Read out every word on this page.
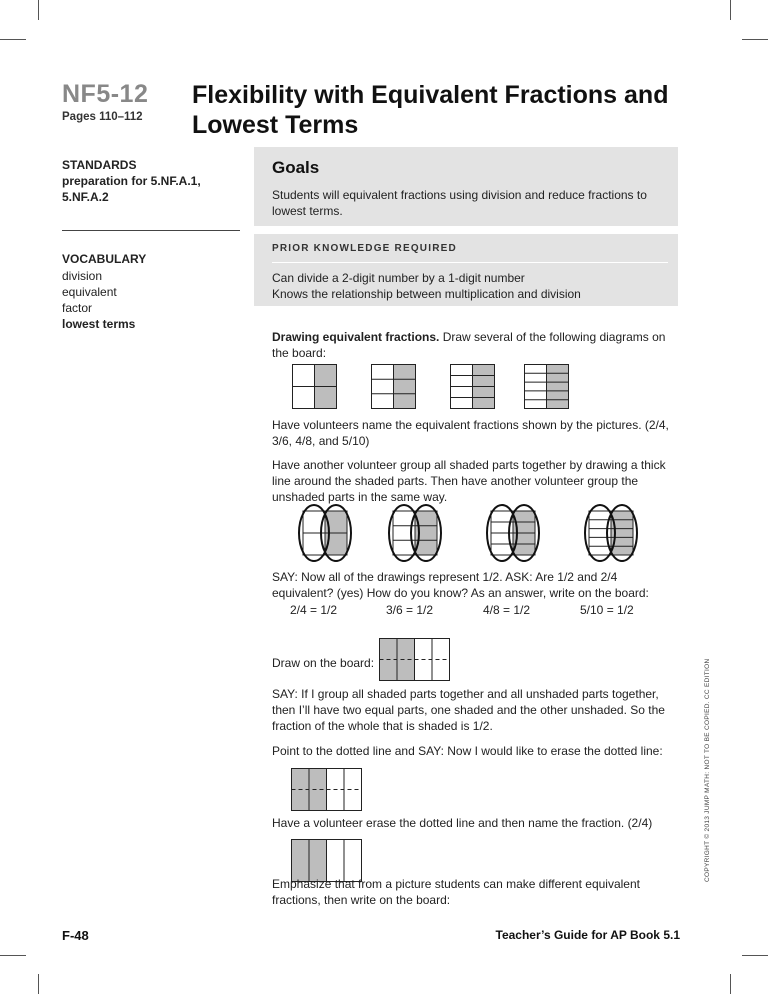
NF5-12
Pages 110–112
Flexibility with Equivalent Fractions and
Lowest Terms
STANDARDS
preparation for 5.NF.A.1,
5.NF.A.2
VOCABULARY
division
equivalent
factor
lowest terms
Goals
Students will equivalent fractions using division and reduce fractions to lowest terms.
PRIOR KNOWLEDGE REQUIRED
Can divide a 2-digit number by a 1-digit number
Knows the relationship between multiplication and division
Drawing equivalent fractions. Draw several of the following diagrams on the board:
Have volunteers name the equivalent fractions shown by the pictures. (2/4, 3/6, 4/8, and 5/10)
Have another volunteer group all shaded parts together by drawing a thick line around the shaded parts. Then have another volunteer group the unshaded parts in the same way.
SAY: Now all of the drawings represent 1/2. ASK: Are 1/2 and 2/4 equivalent? (yes) How do you know? As an answer, write on the board:
2/4 = 1/2	3/6 = 1/2	4/8 = 1/2	5/10 = 1/2
Draw on the board:
SAY: If I group all shaded parts together and all unshaded parts together, then I’ll have two equal parts, one shaded and the other unshaded. So the fraction of the whole that is shaded is 1/2.
Point to the dotted line and SAY: Now I would like to erase the dotted line:
Have a volunteer erase the dotted line and then name the fraction. (2/4)
Emphasize that from a picture students can make different equivalent fractions, then write on the board:
COPYRIGHT © 2013 JUMP MATH: NOT TO BE COPIED. CC EDITION
F-48	Teacher’s Guide for AP Book 5.1
